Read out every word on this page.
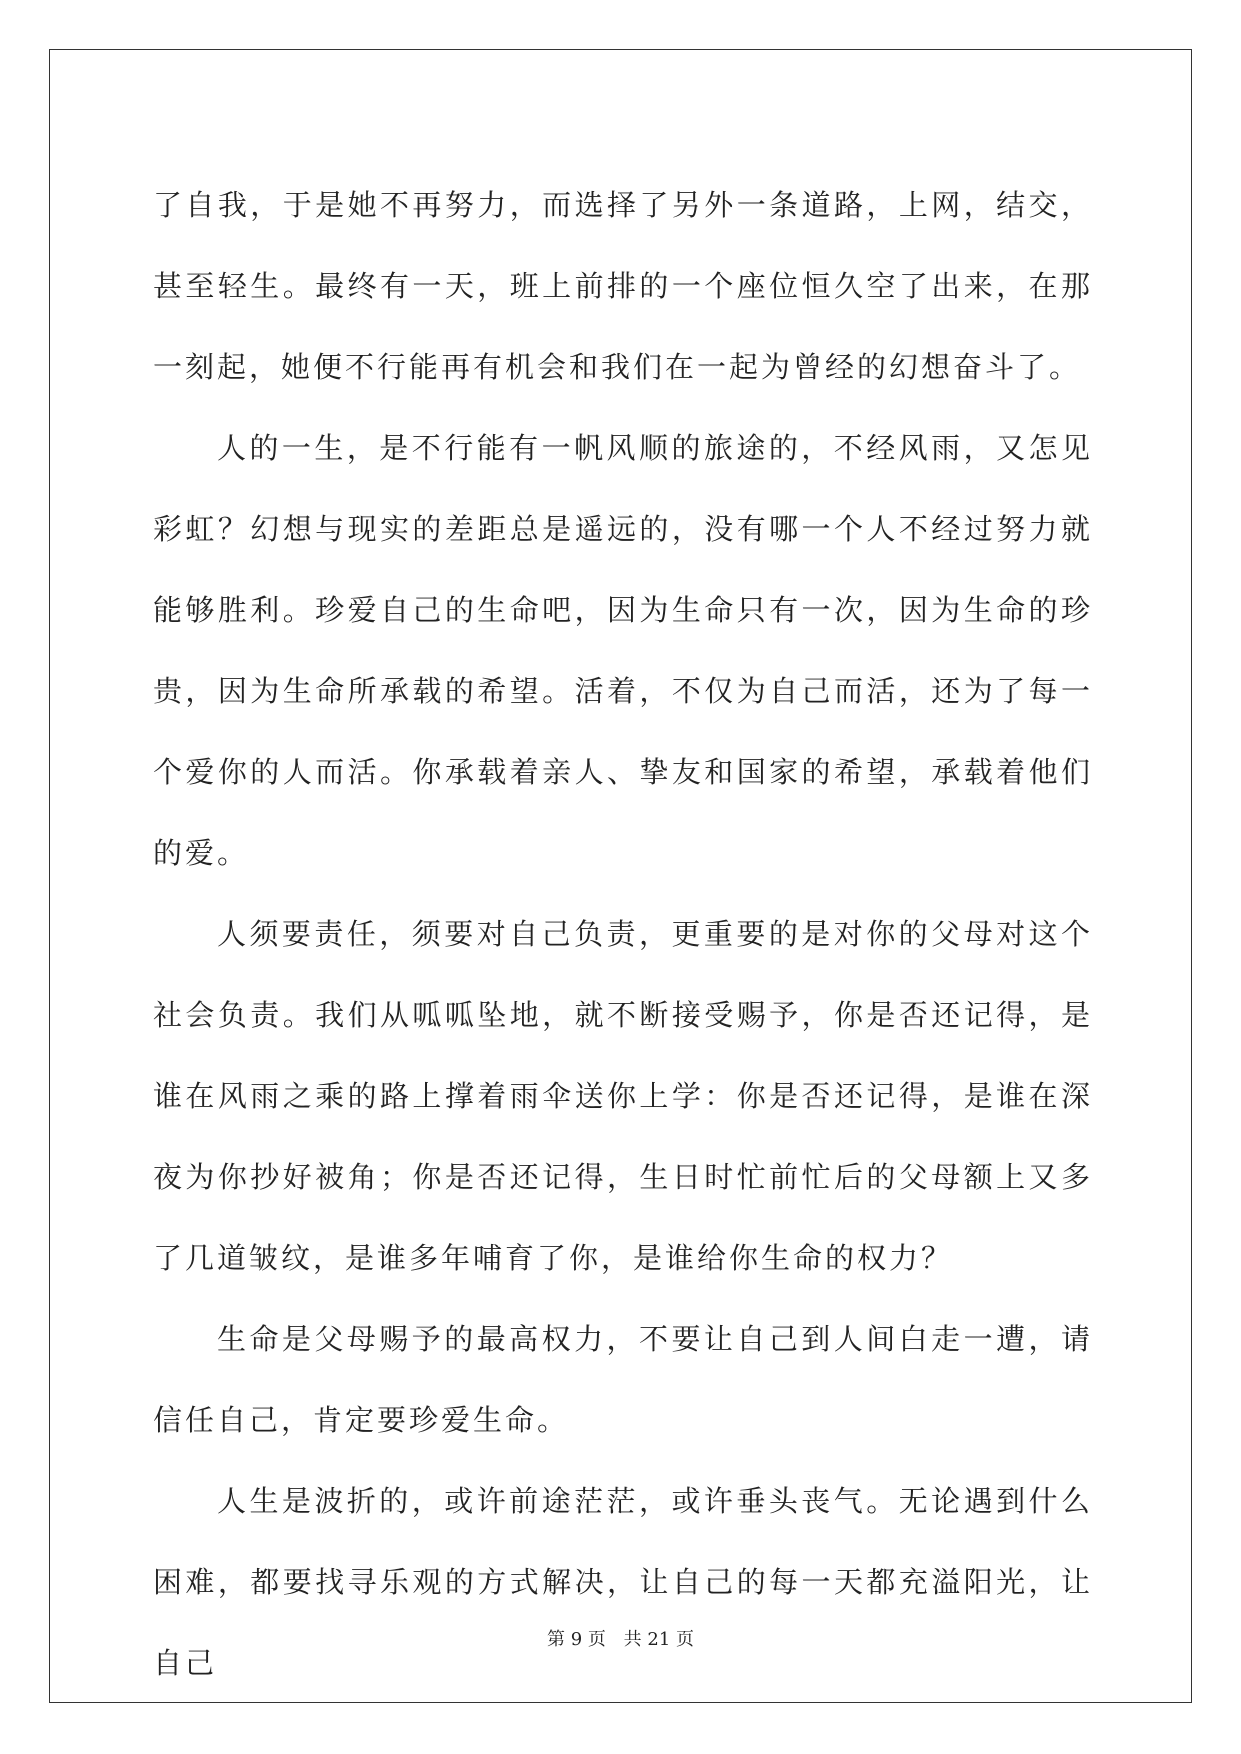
了自我，于是她不再努力，而选择了另外一条道路，上网，结交，甚至轻生。最终有一天，班上前排的一个座位恒久空了出来，在那一刻起，她便不行能再有机会和我们在一起为曾经的幻想奋斗了。

人的一生，是不行能有一帆风顺的旅途的，不经风雨，又怎见彩虹？幻想与现实的差距总是遥远的，没有哪一个人不经过努力就能够胜利。珍爱自己的生命吧，因为生命只有一次，因为生命的珍贵，因为生命所承载的希望。活着，不仅为自己而活，还为了每一个爱你的人而活。你承载着亲人、挚友和国家的希望，承载着他们的爱。

人须要责任，须要对自己负责，更重要的是对你的父母对这个社会负责。我们从呱呱坠地，就不断接受赐予，你是否还记得，是谁在风雨之乘的路上撑着雨伞送你上学：你是否还记得，是谁在深夜为你抄好被角；你是否还记得，生日时忙前忙后的父母额上又多了几道皱纹，是谁多年哺育了你，是谁给你生命的权力？

生命是父母赐予的最高权力，不要让自己到人间白走一遭，请信任自己，肯定要珍爱生命。

人生是波折的，或许前途茫茫，或许垂头丧气。无论遇到什么困难，都要找寻乐观的方式解决，让自己的每一天都充溢阳光，让自己

第 9 页 共 21 页
